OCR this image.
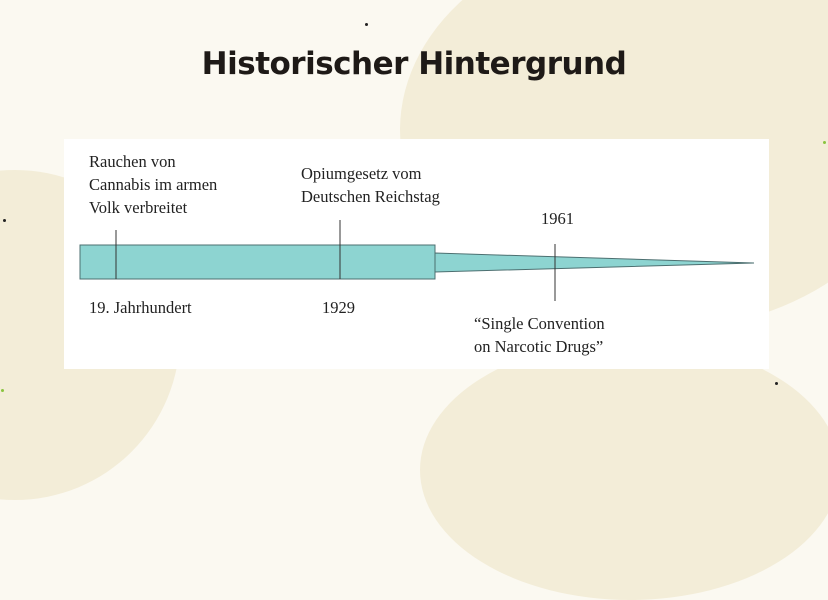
Historischer Hintergrund
Rauchen von
Cannabis im armen
Volk verbreitet
19. Jahrhundert
Opiumgesetz vom
Deutschen Reichstag
1929
1961
“Single Convention
on Narcotic Drugs”
